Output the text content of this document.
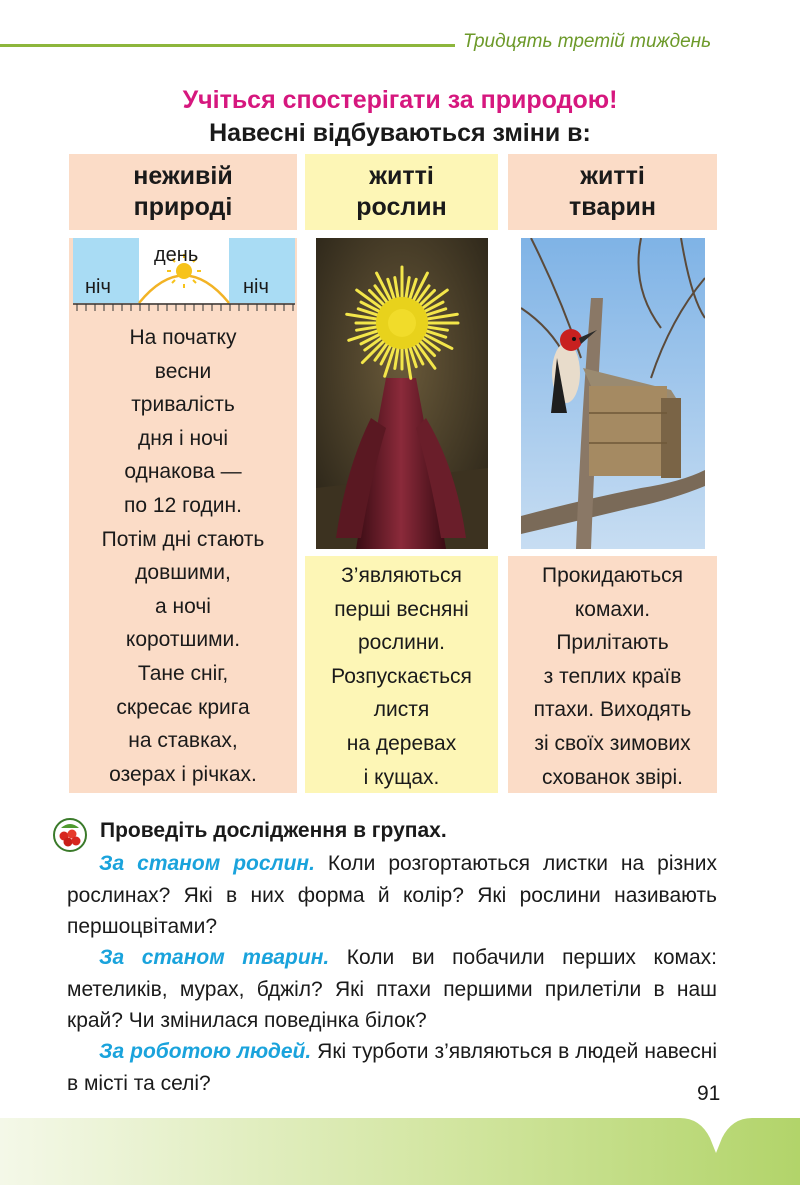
Тридцять третій тиждень
Учіться спостерігати за природою!
Навесні відбуваються зміни в:
неживій
природі
житті
рослин
житті
тварин
день
ніч	ніч
На початку
весни
тривалість
дня і ночі
однакова —
по 12 годин.
Потім дні стають
довшими,
а ночі
коротшими.
Тане сніг,
скресає крига
на ставках,
озерах і річках.
З’являються
перші весняні
рослини.
Розпускається
листя
на деревах
і кущах.
Прокидаються
комахи.
Прилітають
з теплих країв
птахи. Виходять
зі своїх зимових
схованок звірі.
Проведіть дослідження в групах.
За станом рослин. Коли розгортаються листки на різних рослинах? Які в них форма й колір? Які рослини називають першоцвітами?
За станом тварин. Коли ви побачили перших комах: метеликів, мурах, бджіл? Які птахи першими прилетіли в наш край? Чи змінилася поведінка білок?
За роботою людей. Які турботи з’являються в людей навесні в місті та селі?	91
